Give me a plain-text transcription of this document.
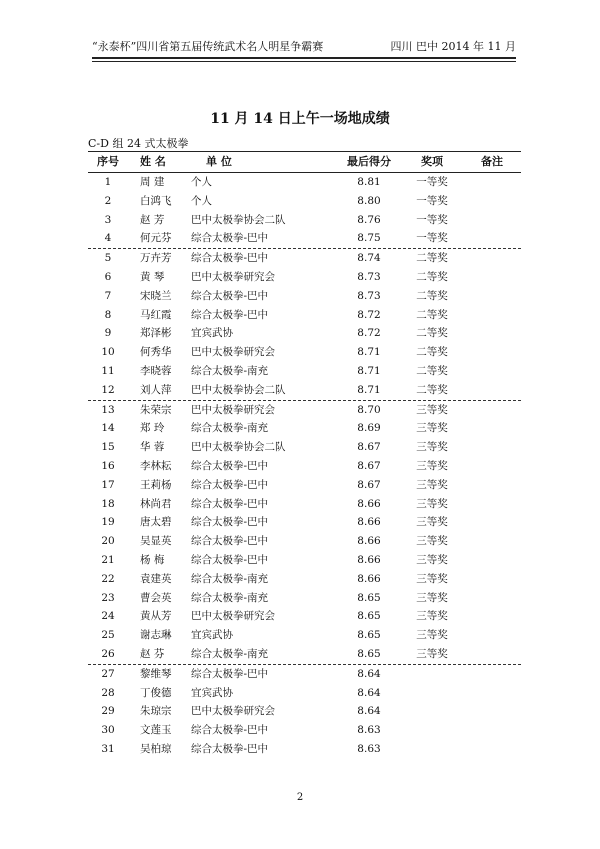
“永泰杯”四川省第五届传统武术名人明星争霸赛	四川 巴中 2014 年 11 月
11 月 14 日上午一场地成绩
C-D 组 24 式太极拳
序号	姓 名	单 位	最后得分	奖项	备注
1	周 建	个人	8.81	一等奖
2	白鸿飞	个人	8.80	一等奖
3	赵 芳	巴中太极拳协会二队	8.76	一等奖
4	何元芬	综合太极拳-巴中	8.75	一等奖
5	万卉芳	综合太极拳-巴中	8.74	二等奖
6	黄 琴	巴中太极拳研究会	8.73	二等奖
7	宋晓兰	综合太极拳-巴中	8.73	二等奖
8	马红霞	综合太极拳-巴中	8.72	二等奖
9	郑泽彬	宜宾武协	8.72	二等奖
10	何秀华	巴中太极拳研究会	8.71	二等奖
11	李晓蓉	综合太极拳-南充	8.71	二等奖
12	刘人萍	巴中太极拳协会二队	8.71	二等奖
13	朱荣宗	巴中太极拳研究会	8.70	三等奖
14	郑 玲	综合太极拳-南充	8.69	三等奖
15	华 蓉	巴中太极拳协会二队	8.67	三等奖
16	李林耘	综合太极拳-巴中	8.67	三等奖
17	王莉杨	综合太极拳-巴中	8.67	三等奖
18	林尚君	综合太极拳-巴中	8.66	三等奖
19	唐太碧	综合太极拳-巴中	8.66	三等奖
20	吴显英	综合太极拳-巴中	8.66	三等奖
21	杨 梅	综合太极拳-巴中	8.66	三等奖
22	袁建英	综合太极拳-南充	8.66	三等奖
23	曹会英	综合太极拳-南充	8.65	三等奖
24	黄从芳	巴中太极拳研究会	8.65	三等奖
25	谢志琳	宜宾武协	8.65	三等奖
26	赵 芬	综合太极拳-南充	8.65	三等奖
27	黎维琴	综合太极拳-巴中	8.64
28	丁俊德	宜宾武协	8.64
29	朱琼宗	巴中太极拳研究会	8.64
30	文莲玉	综合太极拳-巴中	8.63
31	吴柏琼	综合太极拳-巴中	8.63
2
